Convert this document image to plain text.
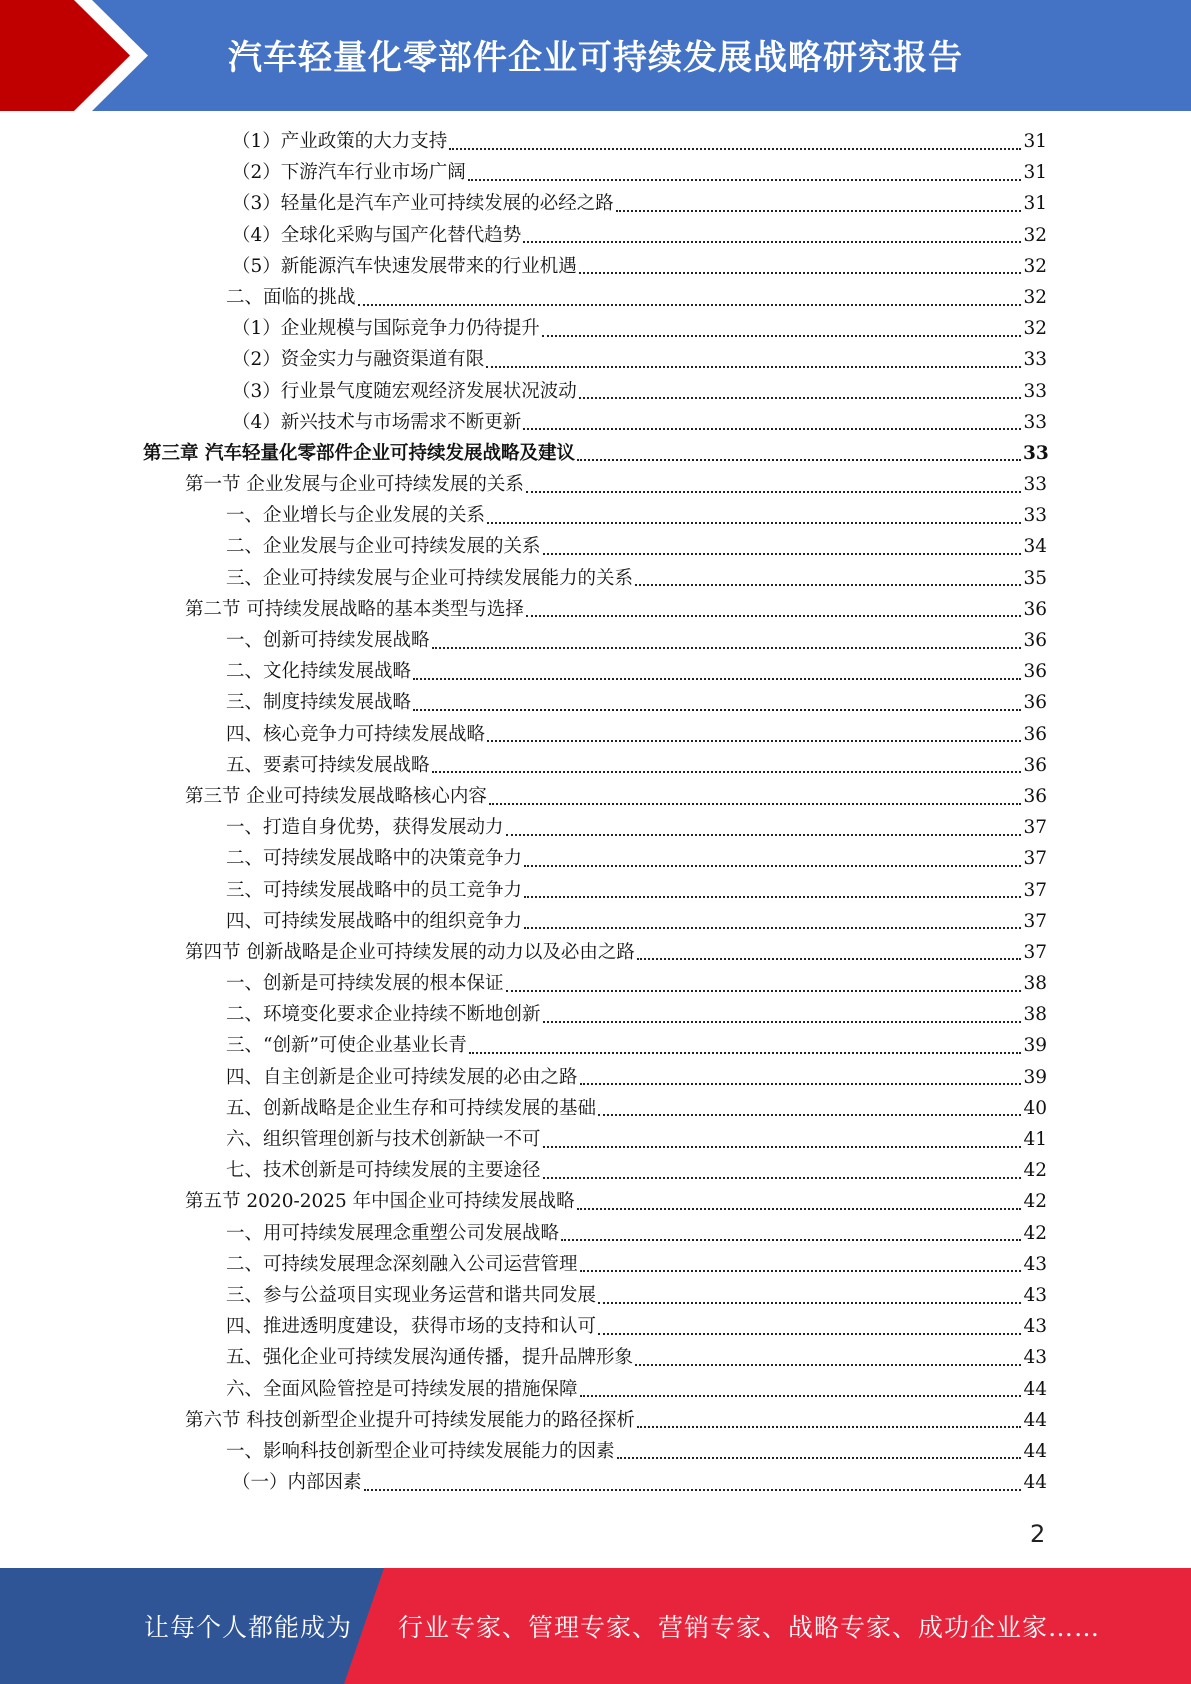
汽车轻量化零部件企业可持续发展战略研究报告
（1）产业政策的大力支持	31
（2）下游汽车行业市场广阔	31
（3）轻量化是汽车产业可持续发展的必经之路	31
（4）全球化采购与国产化替代趋势	32
（5）新能源汽车快速发展带来的行业机遇	32
二、面临的挑战	32
（1）企业规模与国际竞争力仍待提升	32
（2）资金实力与融资渠道有限	33
（3）行业景气度随宏观经济发展状况波动	33
（4）新兴技术与市场需求不断更新	33
第三章 汽车轻量化零部件企业可持续发展战略及建议	33
第一节 企业发展与企业可持续发展的关系	33
一、企业增长与企业发展的关系	33
二、企业发展与企业可持续发展的关系	34
三、企业可持续发展与企业可持续发展能力的关系	35
第二节 可持续发展战略的基本类型与选择	36
一、创新可持续发展战略	36
二、文化持续发展战略	36
三、制度持续发展战略	36
四、核心竞争力可持续发展战略	36
五、要素可持续发展战略	36
第三节 企业可持续发展战略核心内容	36
一、打造自身优势，获得发展动力	37
二、可持续发展战略中的决策竞争力	37
三、可持续发展战略中的员工竞争力	37
四、可持续发展战略中的组织竞争力	37
第四节 创新战略是企业可持续发展的动力以及必由之路	37
一、创新是可持续发展的根本保证	38
二、环境变化要求企业持续不断地创新	38
三、“创新”可使企业基业长青	39
四、自主创新是企业可持续发展的必由之路	39
五、创新战略是企业生存和可持续发展的基础	40
六、组织管理创新与技术创新缺一不可	41
七、技术创新是可持续发展的主要途径	42
第五节 2020-2025 年中国企业可持续发展战略	42
一、用可持续发展理念重塑公司发展战略	42
二、可持续发展理念深刻融入公司运营管理	43
三、参与公益项目实现业务运营和谐共同发展	43
四、推进透明度建设，获得市场的支持和认可	43
五、强化企业可持续发展沟通传播，提升品牌形象	43
六、全面风险管控是可持续发展的措施保障	44
第六节 科技创新型企业提升可持续发展能力的路径探析	44
一、影响科技创新型企业可持续发展能力的因素	44
（一）内部因素	44
2
让每个人都能成为 行业专家、管理专家、营销专家、战略专家、成功企业家……
